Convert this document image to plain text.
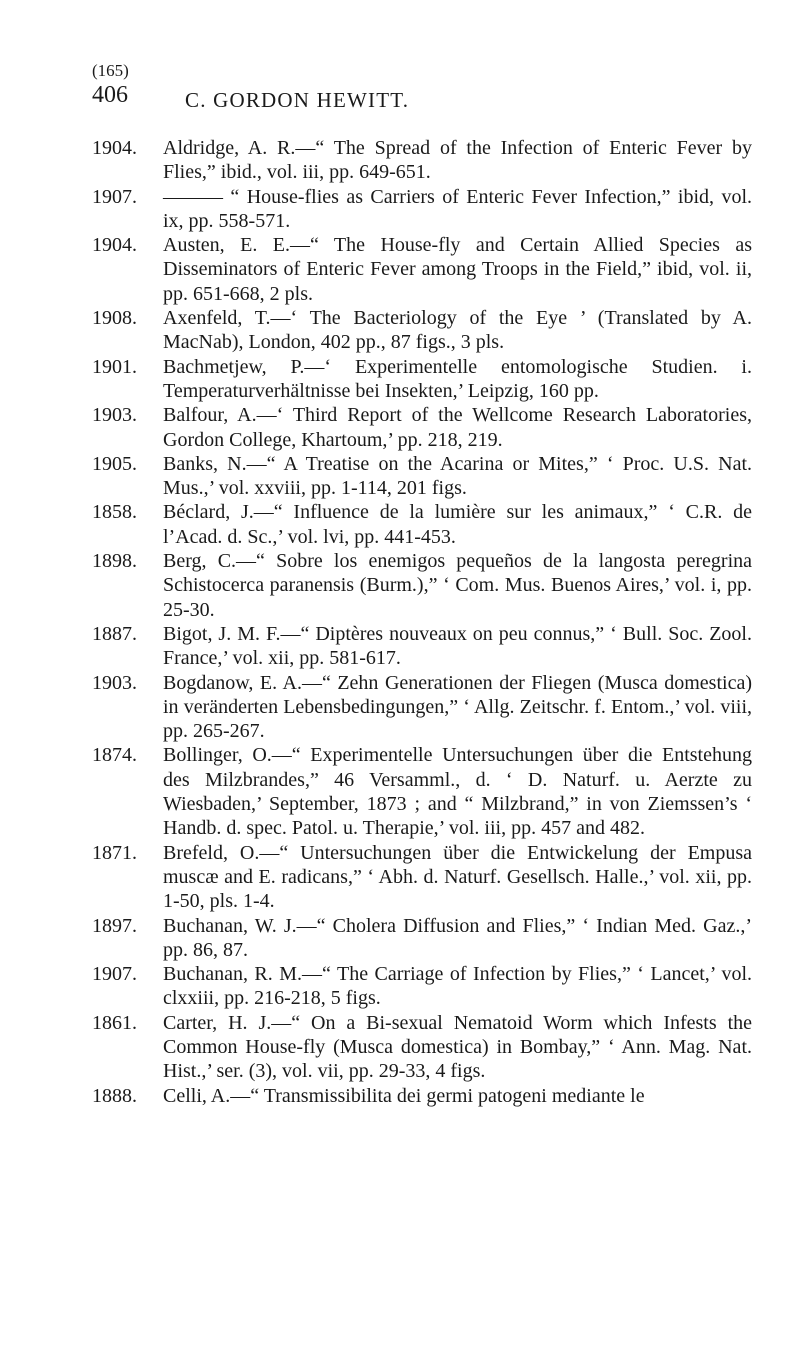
(165)
406	C. GORDON HEWITT.
1904.	Aldridge, A. R.—“ The Spread of the Infection of Enteric Fever by Flies,” ibid., vol. iii, pp. 649-651.
1907.	——— “ House-flies as Carriers of Enteric Fever Infection,” ibid, vol. ix, pp. 558-571.
1904.	Austen, E. E.—“ The House-fly and Certain Allied Species as Disseminators of Enteric Fever among Troops in the Field,” ibid, vol. ii, pp. 651-668, 2 pls.
1908.	Axenfeld, T.—‘ The Bacteriology of the Eye ’ (Translated by A. MacNab), London, 402 pp., 87 figs., 3 pls.
1901.	Bachmetjew, P.—‘ Experimentelle entomologische Studien. i. Temperaturverhältnisse bei Insekten,’ Leipzig, 160 pp.
1903.	Balfour, A.—‘ Third Report of the Wellcome Research Laboratories, Gordon College, Khartoum,’ pp. 218, 219.
1905.	Banks, N.—“ A Treatise on the Acarina or Mites,” ‘ Proc. U.S. Nat. Mus.,’ vol. xxviii, pp. 1-114, 201 figs.
1858.	Béclard, J.—“ Influence de la lumière sur les animaux,” ‘ C.R. de l’Acad. d. Sc.,’ vol. lvi, pp. 441-453.
1898.	Berg, C.—“ Sobre los enemigos pequeños de la langosta peregrina Schistocerca paranensis (Burm.),” ‘ Com. Mus. Buenos Aires,’ vol. i, pp. 25-30.
1887.	Bigot, J. M. F.—“ Diptères nouveaux on peu connus,” ‘ Bull. Soc. Zool. France,’ vol. xii, pp. 581-617.
1903.	Bogdanow, E. A.—“ Zehn Generationen der Fliegen (Musca domestica) in veränderten Lebensbedingungen,” ‘ Allg. Zeitschr. f. Entom.,’ vol. viii, pp. 265-267.
1874.	Bollinger, O.—“ Experimentelle Untersuchungen über die Entstehung des Milzbrandes,” 46 Versamml., d. ‘ D. Naturf. u. Aerzte zu Wiesbaden,’ September, 1873 ; and “ Milzbrand,” in von Ziemssen’s ‘ Handb. d. spec. Patol. u. Therapie,’ vol. iii, pp. 457 and 482.
1871.	Brefeld, O.—“ Untersuchungen über die Entwickelung der Empusa muscæ and E. radicans,” ‘ Abh. d. Naturf. Gesellsch. Halle.,’ vol. xii, pp. 1-50, pls. 1-4.
1897.	Buchanan, W. J.—“ Cholera Diffusion and Flies,” ‘ Indian Med. Gaz.,’ pp. 86, 87.
1907.	Buchanan, R. M.—“ The Carriage of Infection by Flies,” ‘ Lancet,’ vol. clxxiii, pp. 216-218, 5 figs.
1861.	Carter, H. J.—“ On a Bi-sexual Nematoid Worm which Infests the Common House-fly (Musca domestica) in Bombay,” ‘ Ann. Mag. Nat. Hist.,’ ser. (3), vol. vii, pp. 29-33, 4 figs.
1888.	Celli, A.—“ Transmissibilita dei germi patogeni mediante le
